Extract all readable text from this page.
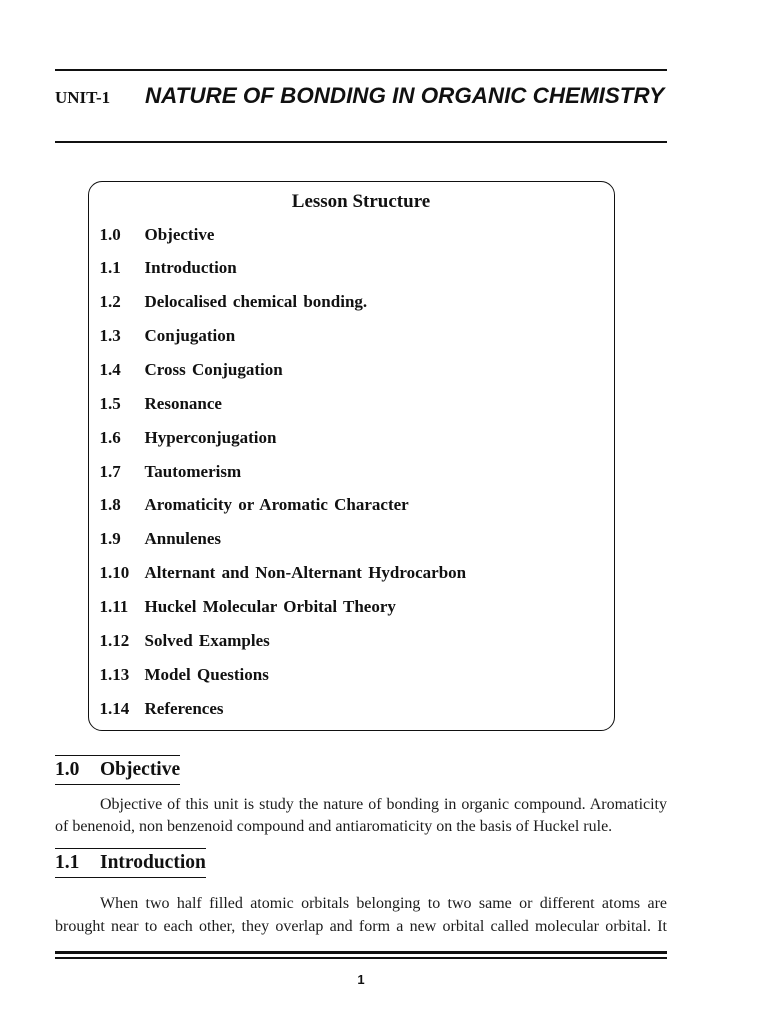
UNIT-1	NATURE OF BONDING IN ORGANIC CHEMISTRY
Lesson Structure
1.0 Objective
1.1 Introduction
1.2 Delocalised chemical bonding.
1.3 Conjugation
1.4 Cross Conjugation
1.5 Resonance
1.6 Hyperconjugation
1.7 Tautomerism
1.8 Aromaticity or Aromatic Character
1.9 Annulenes
1.10 Alternant and Non-Alternant Hydrocarbon
1.11 Huckel Molecular Orbital Theory
1.12 Solved Examples
1.13 Model Questions
1.14 References
1.0 Objective
Objective of this unit is study the nature of bonding in organic compound. Aromaticity
of benenoid, non benzenoid compound and antiaromaticity on the basis of Huckel rule.
1.1 Introduction
When two half filled atomic orbitals belonging to two same or different atoms are
brought near to each other, they overlap and form a new orbital called molecular orbital. It
1
